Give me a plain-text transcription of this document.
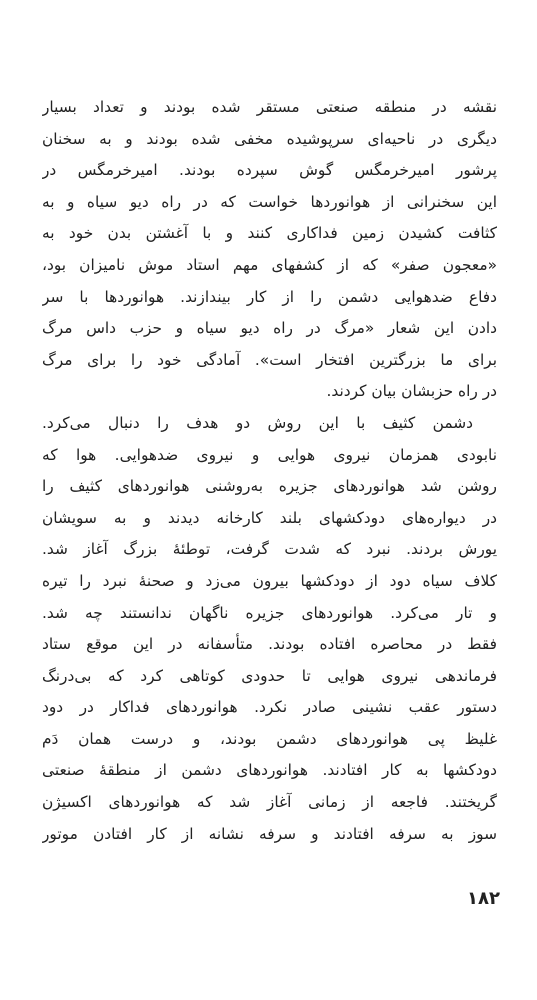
نقشه در منطقه صنعتی مستقر شده بودند و تعداد بسیار
دیگری در ناحیه‌ای سرپوشیده مخفی شده بودند و به سخنان
پرشور امیرخرمگس گوش سپرده بودند. امیرخرمگس در
این سخنرانی از هوانوردها خواست که در راه دیو سیاه و به
کثافت کشیدن زمین فداکاری کنند و با آغشتن بدن خود به
«معجون صفر» که از کشفهای مهم استاد موش نامیزان بود،
دفاع ضدهوایی دشمن را از کار بیندازند. هوانوردها با سر
دادن این شعار «مرگ در راه دیو سیاه و حزب داس مرگ
برای ما بزرگترین افتخار است». آمادگی خود را برای مرگ
در راه حزبشان بیان کردند.
دشمن کثیف با این روش دو هدف را دنبال می‌کرد.
نابودی همزمان نیروی هوایی و نیروی ضدهوایی. هوا که
روشن شد هوانوردهای جزیره به‌روشنی هوانوردهای کثیف را
در دیواره‌های دودکشهای بلند کارخانه دیدند و به سویشان
یورش بردند. نبرد که شدت گرفت، توطئهٔ بزرگ آغاز شد.
کلاف سیاه دود از دودکشها بیرون می‌زد و صحنهٔ نبرد را تیره
و تار می‌کرد. هوانوردهای جزیره ناگهان ندانستند چه شد.
فقط در محاصره افتاده بودند. متأسفانه در این موقع ستاد
فرماندهی نیروی هوایی تا حدودی کوتاهی کرد که بی‌درنگ
دستور عقب نشینی صادر نکرد. هوانوردهای فداکار در دود
غلیظ پی هوانوردهای دشمن بودند، و درست همان دَم
دودکشها به کار افتادند. هوانوردهای دشمن از منطقهٔ صنعتی
گریختند. فاجعه از زمانی آغاز شد که هوانوردهای اکسیژن
سوز به سرفه افتادند و سرفه نشانه از کار افتادن موتور
۱۸۲
